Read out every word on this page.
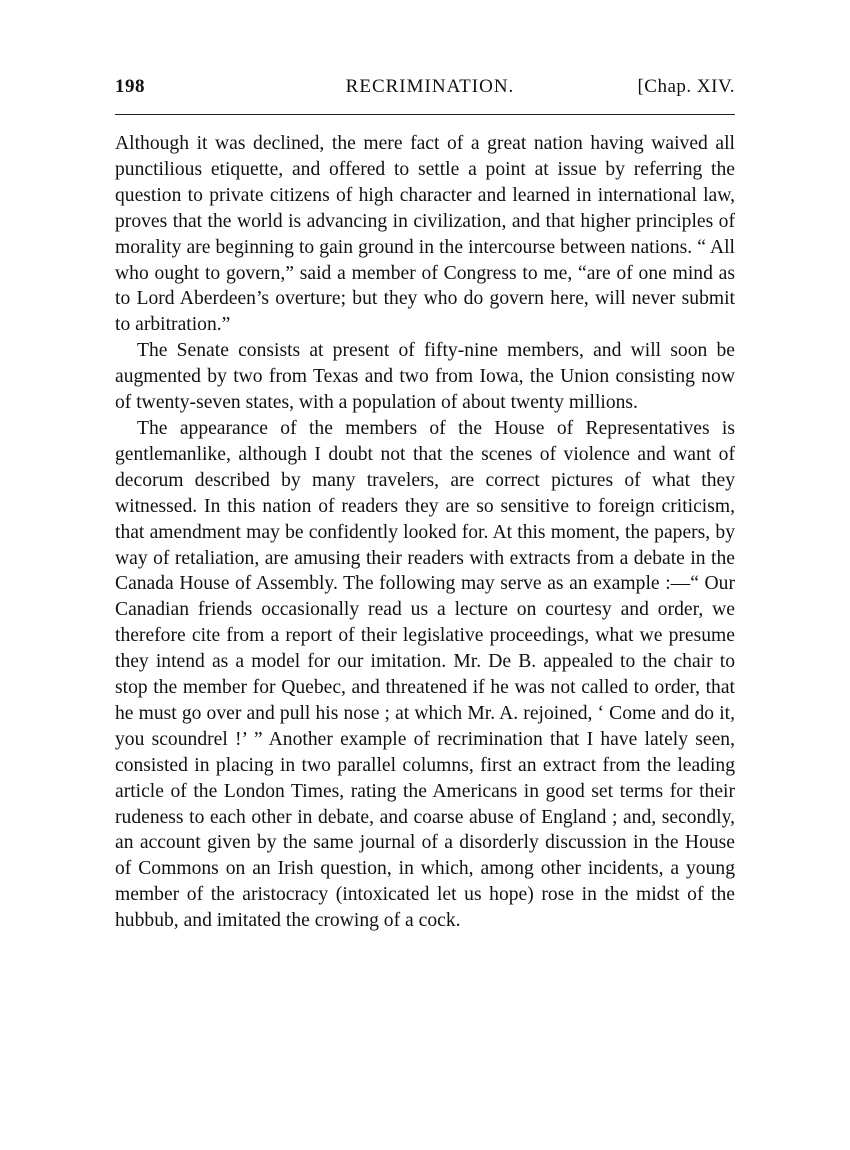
198	RECRIMINATION.	[Chap. XIV.

Although it was declined, the mere fact of a great nation having waived all punctilious etiquette, and offered to settle a point at issue by referring the question to private citizens of high character and learned in international law, proves that the world is advancing in civilization, and that higher principles of morality are beginning to gain ground in the intercourse between nations. “ All who ought to govern,” said a member of Congress to me, “are of one mind as to Lord Aberdeen’s overture; but they who do govern here, will never submit to arbitration.”

The Senate consists at present of fifty-nine members, and will soon be augmented by two from Texas and two from Iowa, the Union consisting now of twenty-seven states, with a population of about twenty millions.

The appearance of the members of the House of Representatives is gentlemanlike, although I doubt not that the scenes of violence and want of decorum described by many travelers, are correct pictures of what they witnessed. In this nation of readers they are so sensitive to foreign criticism, that amendment may be confidently looked for. At this moment, the papers, by way of retaliation, are amusing their readers with extracts from a debate in the Canada House of Assembly. The following may serve as an example :—“ Our Canadian friends occasionally read us a lecture on courtesy and order, we therefore cite from a report of their legislative proceedings, what we presume they intend as a model for our imitation. Mr. De B. appealed to the chair to stop the member for Quebec, and threatened if he was not called to order, that he must go over and pull his nose ; at which Mr. A. rejoined, ‘ Come and do it, you scoundrel !’ ” Another example of recrimination that I have lately seen, consisted in placing in two parallel columns, first an extract from the leading article of the London Times, rating the Americans in good set terms for their rudeness to each other in debate, and coarse abuse of England ; and, secondly, an account given by the same journal of a disorderly discussion in the House of Commons on an Irish question, in which, among other incidents, a young member of the aristocracy (intoxicated let us hope) rose in the midst of the hubbub, and imitated the crowing of a cock.
